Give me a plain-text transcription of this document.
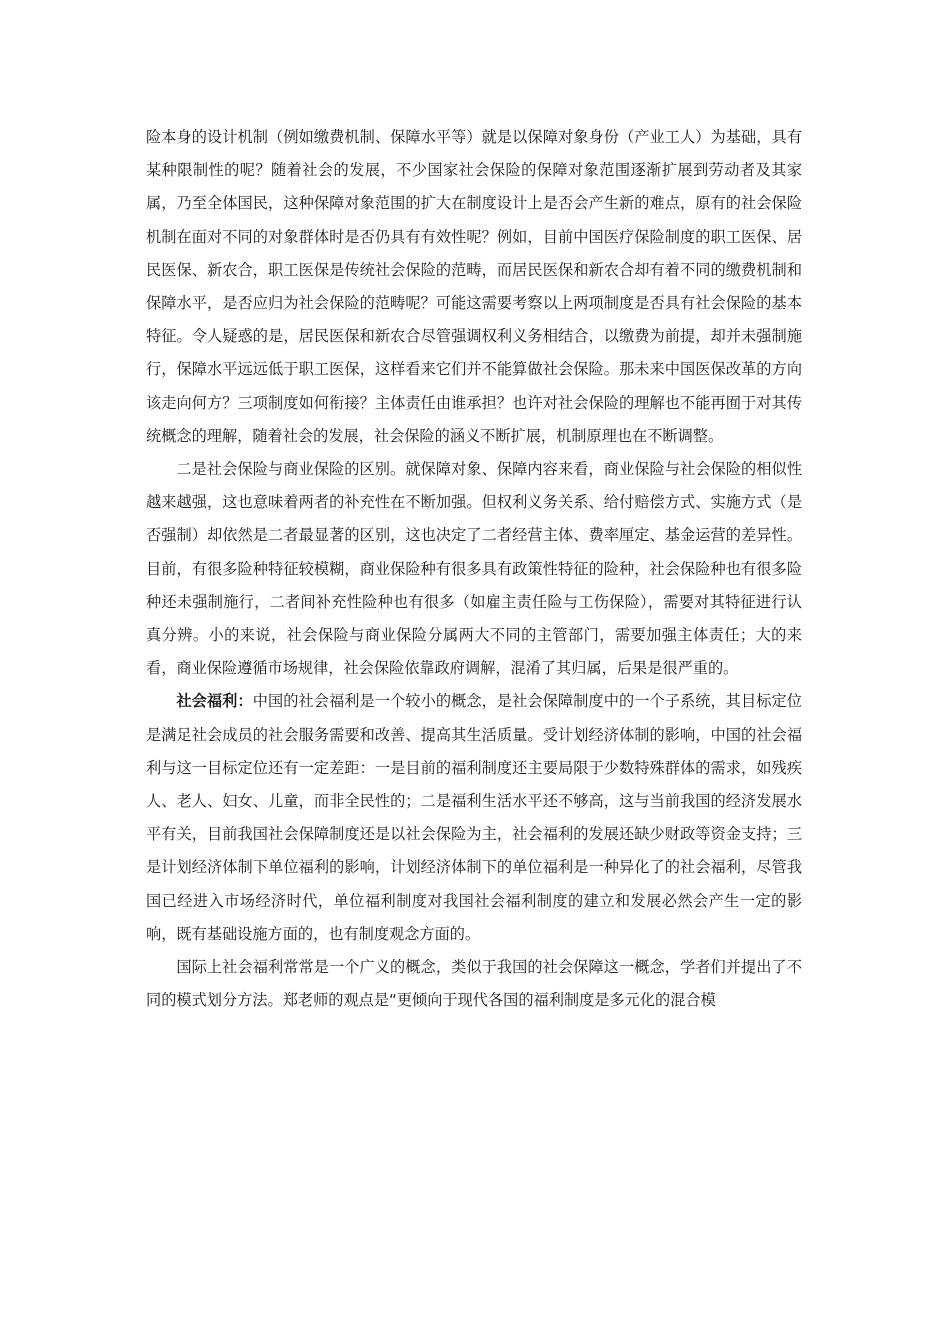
险本身的设计机制（例如缴费机制、保障水平等）就是以保障对象身份（产业工人）为基础，具有某种限制性的呢？随着社会的发展，不少国家社会保险的保障对象范围逐渐扩展到劳动者及其家属，乃至全体国民，这种保障对象范围的扩大在制度设计上是否会产生新的难点，原有的社会保险机制在面对不同的对象群体时是否仍具有有效性呢？例如，目前中国医疗保险制度的职工医保、居民医保、新农合，职工医保是传统社会保险的范畴，而居民医保和新农合却有着不同的缴费机制和保障水平，是否应归为社会保险的范畴呢？可能这需要考察以上两项制度是否具有社会保险的基本特征。令人疑惑的是，居民医保和新农合尽管强调权利义务相结合，以缴费为前提，却并未强制施行，保障水平远远低于职工医保，这样看来它们并不能算做社会保险。那未来中国医保改革的方向该走向何方？三项制度如何衔接？主体责任由谁承担？也许对社会保险的理解也不能再囿于对其传统概念的理解，随着社会的发展，社会保险的涵义不断扩展，机制原理也在不断调整。

二是社会保险与商业保险的区别。就保障对象、保障内容来看，商业保险与社会保险的相似性越来越强，这也意味着两者的补充性在不断加强。但权利义务关系、给付赔偿方式、实施方式（是否强制）却依然是二者最显著的区别，这也决定了二者经营主体、费率厘定、基金运营的差异性。目前，有很多险种特征较模糊，商业保险种有很多具有政策性特征的险种，社会保险种也有很多险种还未强制施行，二者间补充性险种也有很多（如雇主责任险与工伤保险），需要对其特征进行认真分辨。小的来说，社会保险与商业保险分属两大不同的主管部门，需要加强主体责任；大的来看，商业保险遵循市场规律，社会保险依靠政府调解，混淆了其归属，后果是很严重的。

社会福利：中国的社会福利是一个较小的概念，是社会保障制度中的一个子系统，其目标定位是满足社会成员的社会服务需要和改善、提高其生活质量。受计划经济体制的影响，中国的社会福利与这一目标定位还有一定差距：一是目前的福利制度还主要局限于少数特殊群体的需求，如残疾人、老人、妇女、儿童，而非全民性的；二是福利生活水平还不够高，这与当前我国的经济发展水平有关，目前我国社会保障制度还是以社会保险为主，社会福利的发展还缺少财政等资金支持；三是计划经济体制下单位福利的影响，计划经济体制下的单位福利是一种异化了的社会福利，尽管我国已经进入市场经济时代，单位福利制度对我国社会福利制度的建立和发展必然会产生一定的影响，既有基础设施方面的，也有制度观念方面的。

国际上社会福利常常是一个广义的概念，类似于我国的社会保障这一概念，学者们并提出了不同的模式划分方法。郑老师的观点是“更倾向于现代各国的福利制度是多元化的混合模
